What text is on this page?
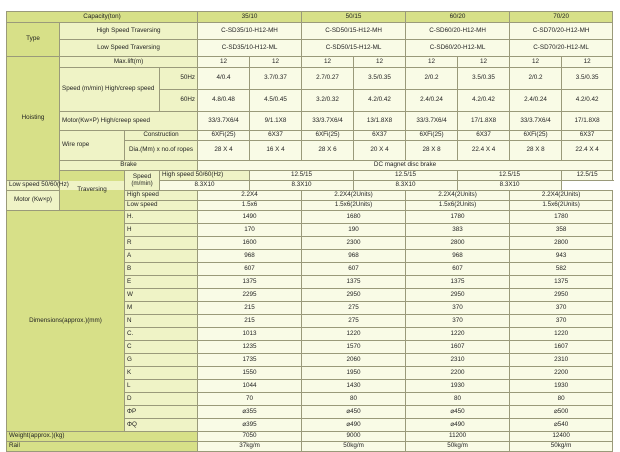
Capacity(ton)				35/10		50/15		60/20		70/20	
Type	High Speed Traversing			C-SD35/10-H12-MH		C-SD50/15-H12-MH		C-SD60/20-H12-MH		C-SD70/20-H12-MH	
	Low Speed Traversing			C-SD35/10-H12-ML		C-SD50/15-H12-ML		C-SD60/20-H12-ML		C-SD70/20-H12-ML	
Hoisting	Max.lift(m)			12	12	12	12	12	12	12	12
	Speed (m/min) High/creep speed		50Hz	4/0.4	3.7/0.37	2.7/0.27	3.5/0.35	2/0.2	3.5/0.35	2/0.2	3.5/0.35
			60Hz	4.8/0.48	4.5/0.45	3.2/0.32	4.2/0.42	2.4/0.24	4.2/0.42	2.4/0.24	4.2/0.42
	Motor(Kw×P) High/creep speed			33/3.7X6/4	9/1.1X8	33/3.7X6/4	13/1.8X8	33/3.7X6/4	17/1.8X8	33/3.7X6/4	17/1.8X8
	Wire rope	Construction		6XFi(25)	6X37	6XFi(25)	6X37	6XFi(25)	6X37	6XFi(25)	6X37
		Dia.(Mm) x no.of ropes		28 X 4	16 X 4	28 X 6	20 X 4	28 X 8	22.4 X 4	28 X 8	22.4 X 4
	Brake			DC magnet disc brake							
	Traversing	Speed (m/min)	High speed 50/60(Hz)		12.5/15		12.5/15		12.5/15		12.5/15
Low speed 50/60(Hz)			8.3X10		8.3X10		8.3X10		8.3X10		
Motor (Kw×p)		High speed		2.2X4		2.2X4(2Units)		2.2X4(2Units)		2.2X4(2Units)	
		Low speed		1.5x6		1.5x6(2Units)		1.5x6(2Units)		1.5x6(2Units)	
Dimensions(approx.)(mm)		H.		1490		1680		1780		1780	
		H		170		190		383		358	
		R		1600		2300		2800		2800	
		A		968		968		968		943	
		B		607		607		607		582	
		E		1375		1375		1375		1375	
		W		2295		2950		2950		2950	
		M		215		275		370		370	
		N		215		275		370		370	
		C.		1013		1220		1220		1220	
		C		1235		1570		1607		1607	
		G		1735		2060		2310		2310	
		K		1550		1950		2200		2200	
		L		1044		1430		1930		1930	
		D		70		80		80		80	
		ΦP		⌀355		⌀450		⌀450		⌀500	
		ΦQ		⌀395		⌀490		⌀490		⌀540	
Weight(approx.)(kg)				7050		9000		11200		12400	
Rail				37kg/m		50kg/m		50kg/m		50kg/m	
